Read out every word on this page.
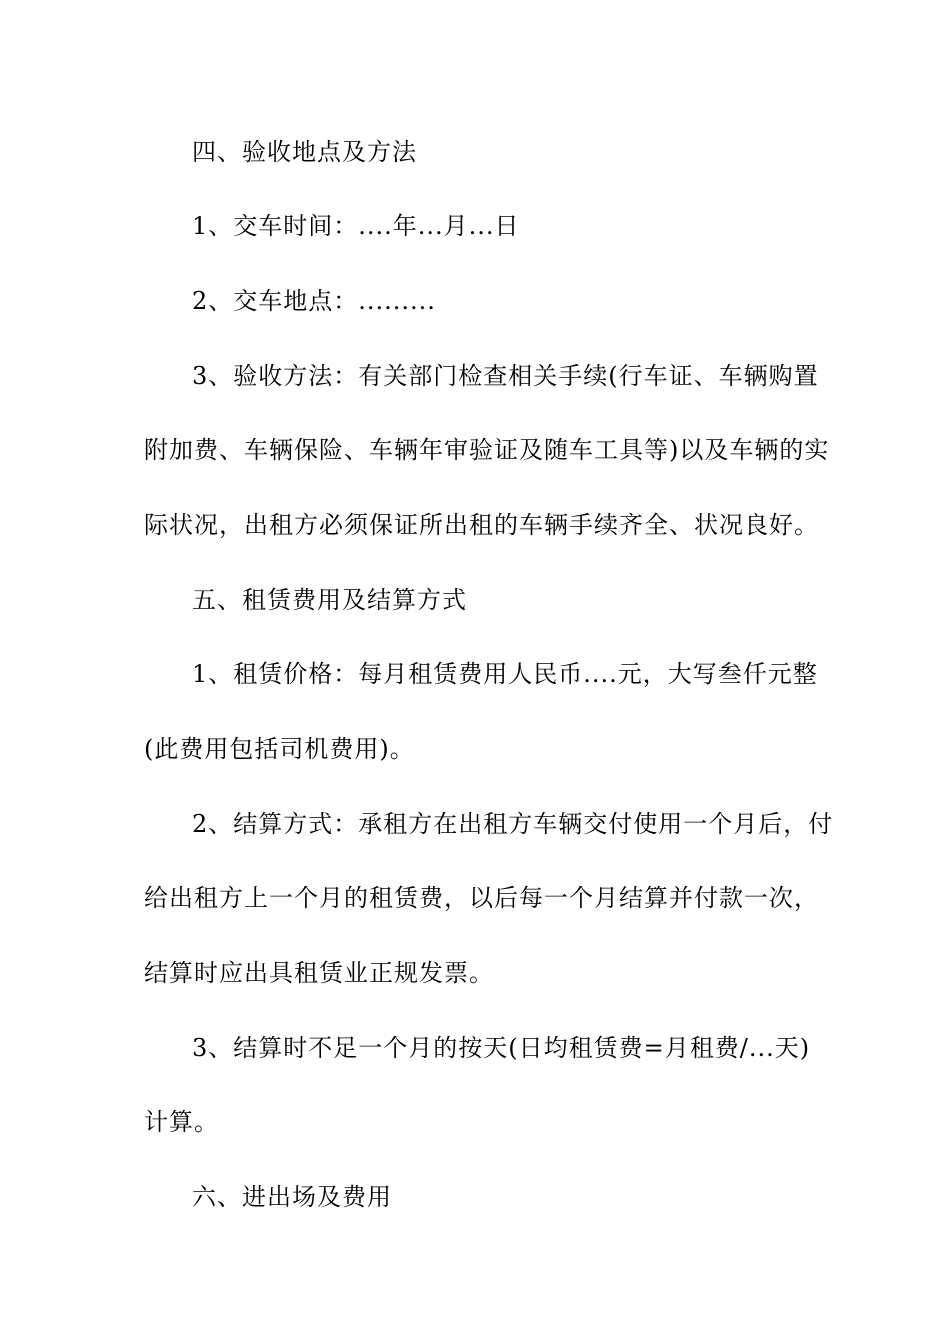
四、验收地点及方法
1、交车时间：....年...月...日
2、交车地点：.........
3、验收方法：有关部门检查相关手续(行车证、车辆购置
附加费、车辆保险、车辆年审验证及随车工具等)以及车辆的实
际状况，出租方必须保证所出租的车辆手续齐全、状况良好。
五、租赁费用及结算方式
1、租赁价格：每月租赁费用人民币....元，大写叁仟元整
(此费用包括司机费用)。
2、结算方式：承租方在出租方车辆交付使用一个月后，付
给出租方上一个月的租赁费，以后每一个月结算并付款一次，
结算时应出具租赁业正规发票。
3、结算时不足一个月的按天(日均租赁费=月租费/...天)
计算。
六、进出场及费用
